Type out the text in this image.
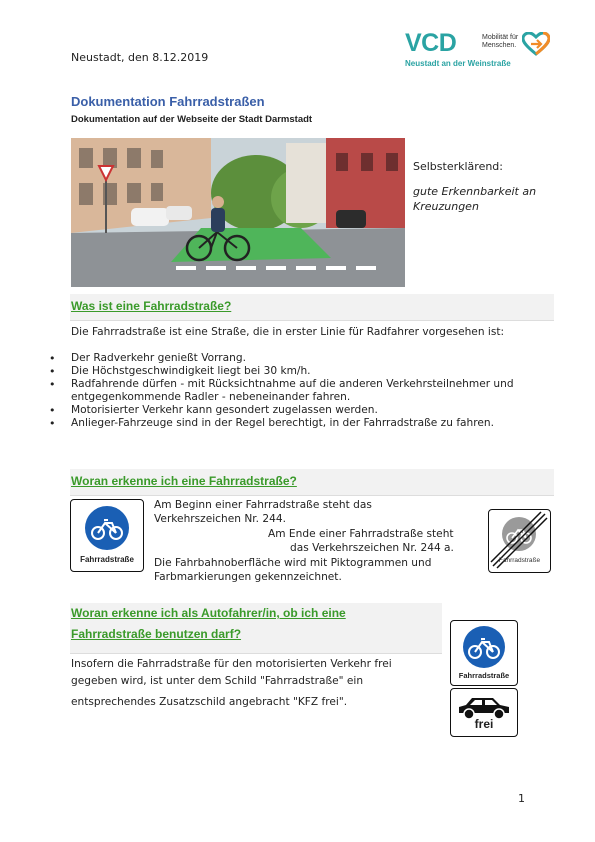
Neustadt, den 8.12.2019
VCD	Mobilität für Menschen.
Neustadt an der Weinstraße
Dokumentation Fahrradstraßen
Dokumentation auf der Webseite der Stadt Darmstadt
Selbsterklärend:
gute Erkennbarkeit an Kreuzungen
Was ist eine Fahrradstraße?
Die Fahrradstraße ist eine Straße, die in erster Linie für Radfahrer vorgesehen ist:
• Der Radverkehr genießt Vorrang.
• Die Höchstgeschwindigkeit liegt bei 30 km/h.
• Radfahrende dürfen - mit Rücksichtnahme auf die anderen Verkehrsteilnehmer und entgegenkommende Radler - nebeneinander fahren.
• Motorisierter Verkehr kann gesondert zugelassen werden.
• Anlieger-Fahrzeuge sind in der Regel berechtigt, in der Fahrradstraße zu fahren.
Woran erkenne ich eine Fahrradstraße?
Fahrradstraße
Am Beginn einer Fahrradstraße steht das
Verkehrszeichen Nr. 244.
Am Ende einer Fahrradstraße steht
das Verkehrszeichen Nr. 244 a.
Die Fahrbahnoberfläche wird mit Piktogrammen und
Farbmarkierungen gekennzeichnet.
Fahrradstraße
Woran erkenne ich als Autofahrer/in, ob ich eine
Fahrradstraße benutzen darf?
Insofern die Fahrradstraße für den motorisierten Verkehr frei
gegeben wird, ist unter dem Schild "Fahrradstraße" ein
entsprechendes Zusatzschild angebracht "KFZ frei".
Fahrradstraße
frei
1
